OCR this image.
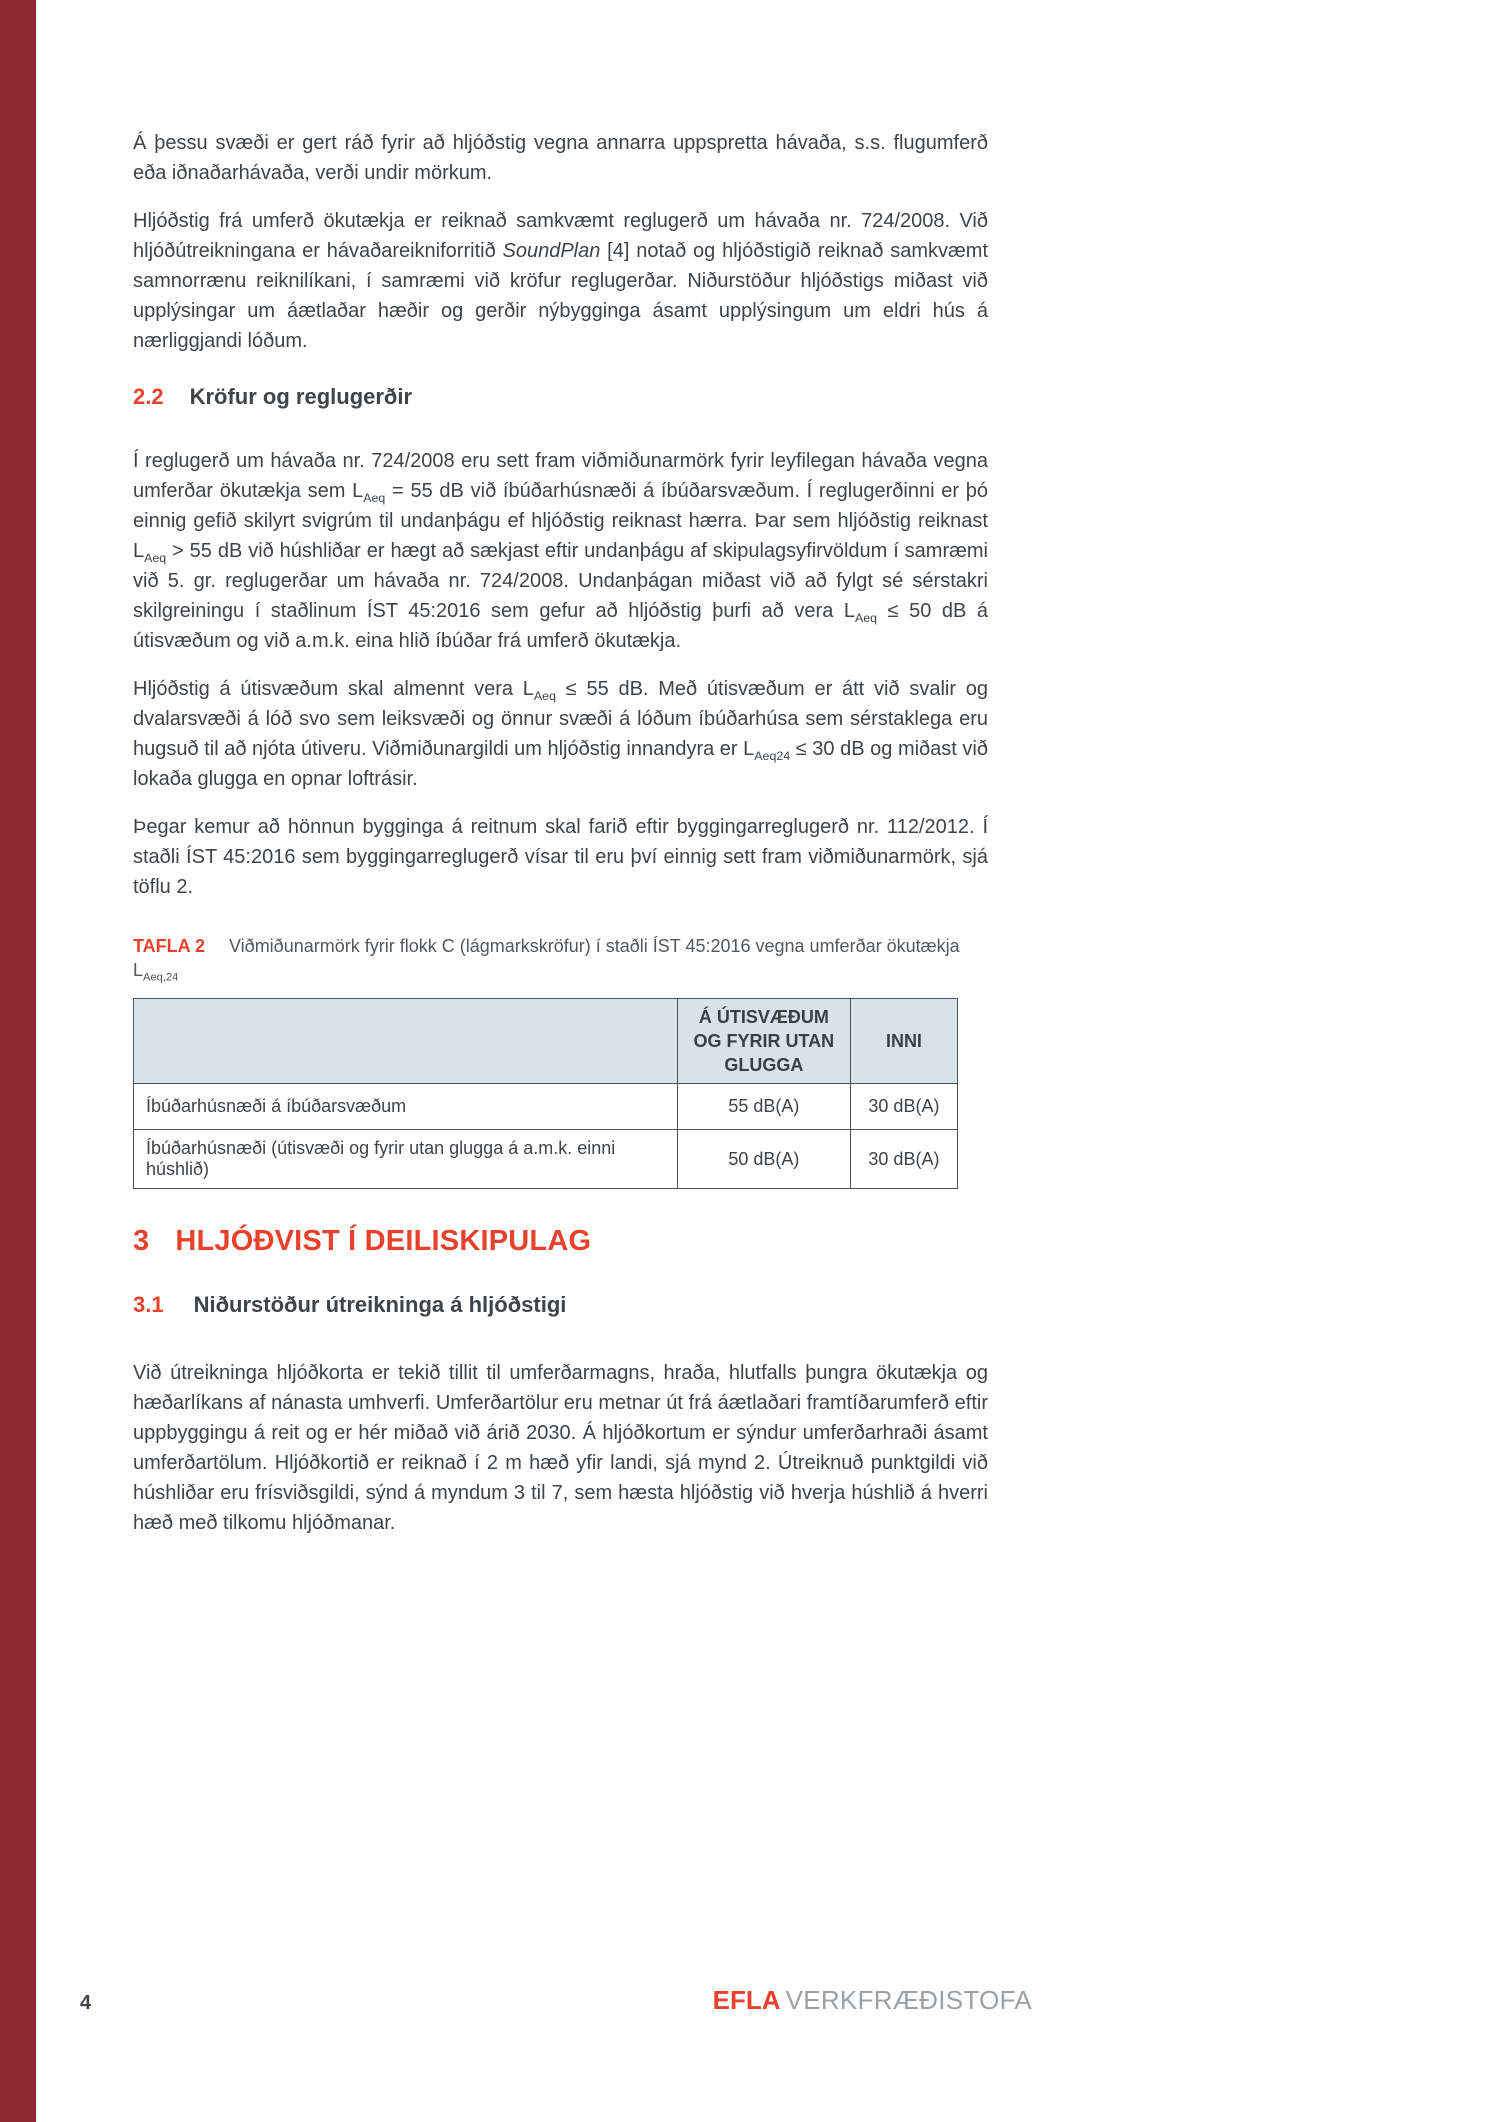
Á þessu svæði er gert ráð fyrir að hljóðstig vegna annarra uppspretta hávaða, s.s. flugumferð eða iðnaðarhávaða, verði undir mörkum.

Hljóðstig frá umferð ökutækja er reiknað samkvæmt reglugerð um hávaða nr. 724/2008. Við hljóðútreikningana er hávaðareikniforritið SoundPlan [4] notað og hljóðstigið reiknað samkvæmt samnorrænu reiknilíkani, í samræmi við kröfur reglugerðar. Niðurstöður hljóðstigs miðast við upplýsingar um áætlaðar hæðir og gerðir nýbygginga ásamt upplýsingum um eldri hús á nærliggjandi lóðum.

2.2 Kröfur og reglugerðir

Í reglugerð um hávaða nr. 724/2008 eru sett fram viðmiðunarmörk fyrir leyfilegan hávaða vegna umferðar ökutækja sem $L_{Aeq} = 55$ dB við íbúðarhúsnæði á íbúðarsvæðum. Í reglugerðinni er þó einnig gefið skilyrt svigrúm til undanþágu ef hljóðstig reiknast hærra. Þar sem hljóðstig reiknast $L_{Aeq} > 55$ dB við húshliðar er hægt að sækjast eftir undanþágu af skipulagsyfirvöldum í samræmi við 5. gr. reglugerðar um hávaða nr. 724/2008. Undanþágan miðast við að fylgt sé sérstakri skilgreiningu í staðlinum ÍST 45:2016 sem gefur að hljóðstig þurfi að vera $L_{Aeq} \le 50$ dB á útisvæðum og við a.m.k. eina hlið íbúðar frá umferð ökutækja.

Hljóðstig á útisvæðum skal almennt vera $L_{Aeq} \le 55$ dB. Með útisvæðum er átt við svalir og dvalarsvæði á lóð svo sem leiksvæði og önnur svæði á lóðum íbúðarhúsa sem sérstaklega eru hugsuð til að njóta útiveru. Viðmiðunargildi um hljóðstig innandyra er $L_{Aeq24} \le 30$ dB og miðast við lokaða glugga en opnar loftrásir.

Þegar kemur að hönnun bygginga á reitnum skal farið eftir byggingarreglugerð nr. 112/2012. Í staðli ÍST 45:2016 sem byggingarreglugerð vísar til eru því einnig sett fram viðmiðunarmörk, sjá töflu 2.

TAFLA 2 Viðmiðunarmörk fyrir flokk C (lágmarkskröfur) í staðli ÍST 45:2016 vegna umferðar ökutækja $L_{Aeq,24}$
	Á ÚTISVÆÐUM OG FYRIR UTAN GLUGGA	INNI
Íbúðarhúsnæði á íbúðarsvæðum	55 dB(A)	30 dB(A)
Íbúðarhúsnæði (útisvæði og fyrir utan glugga á a.m.k. einni húshlið)	50 dB(A)	30 dB(A)
3 HLJÓÐVIST Í DEILISKIPULAG
3.1 Niðurstöður útreikninga á hljóðstigi

Við útreikninga hljóðkorta er tekið tillit til umferðarmagns, hraða, hlutfalls þungra ökutækja og hæðarlíkans af nánasta umhverfi. Umferðartölur eru metnar út frá áætlaðari framtíðarumferð eftir uppbyggingu á reit og er hér miðað við árið 2030. Á hljóðkortum er sýndur umferðarhraði ásamt umferðartölum. Hljóðkortið er reiknað í 2 m hæð yfir landi, sjá mynd 2. Útreiknuð punktgildi við húshliðar eru frísviðsgildi, sýnd á myndum 3 til 7, sem hæsta hljóðstig við hverja húshlið á hverri hæð með tilkomu hljóðmanar.

4	EFLA VERKFRÆÐISTOFA
